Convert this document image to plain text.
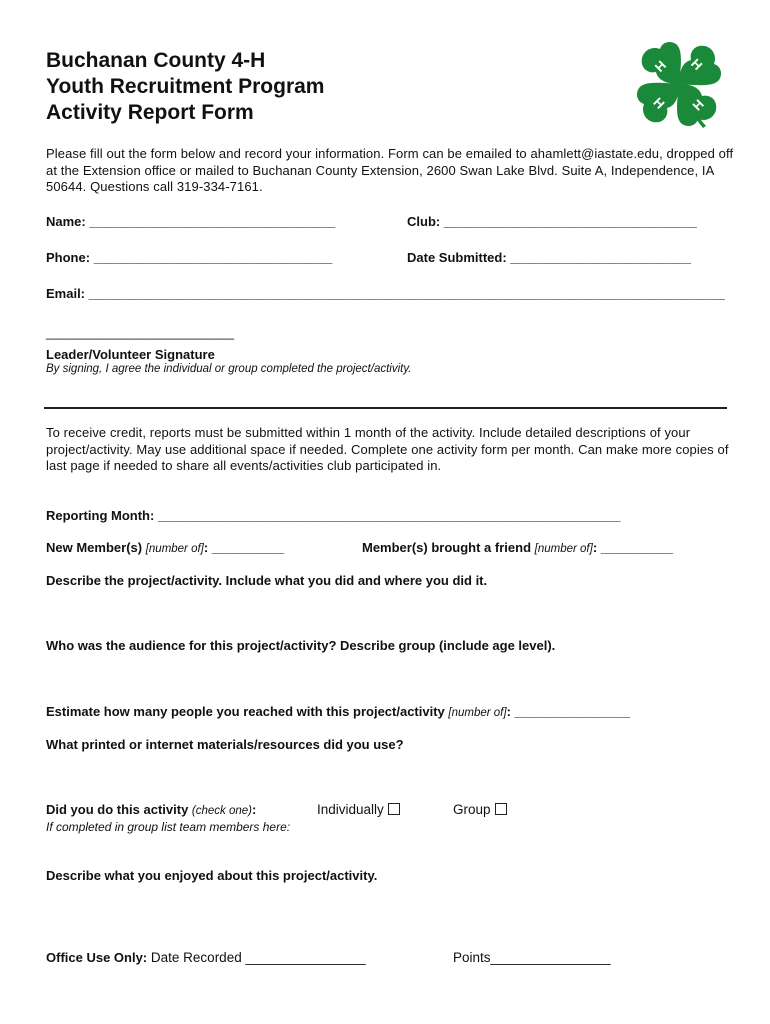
Buchanan County 4-H
Youth Recruitment Program
Activity Report Form
H H
H
H
Please fill out the form below and record your information. Form can be emailed to ahamlett@iastate.edu, dropped off at the Extension office or mailed to Buchanan County Extension, 2600 Swan Lake Blvd. Suite A, Independence, IA 50644. Questions call 319-334-7161.
Name: __________________________________	Club: ___________________________________
Phone: _________________________________	Date Submitted: _________________________
Email: ________________________________________________________________________________________
__________________________
Leader/Volunteer Signature
By signing, I agree the individual or group completed the project/activity.
To receive credit, reports must be submitted within 1 month of the activity. Include detailed descriptions of your project/activity. May use additional space if needed. Complete one activity form per month. Can make more copies of last page if needed to share all events/activities club participated in.
Reporting Month: ________________________________________________________________
New Member(s) [number of]: __________	Member(s) brought a friend [number of]: __________
Describe the project/activity. Include what you did and where you did it.
Who was the audience for this project/activity? Describe group (include age level).
Estimate how many people you reached with this project/activity [number of]: ________________
What printed or internet materials/resources did you use?
Did you do this activity (check one):	Individually	Group
If completed in group list team members here:
Describe what you enjoyed about this project/activity.
Office Use Only: Date Recorded ________________	Points________________
